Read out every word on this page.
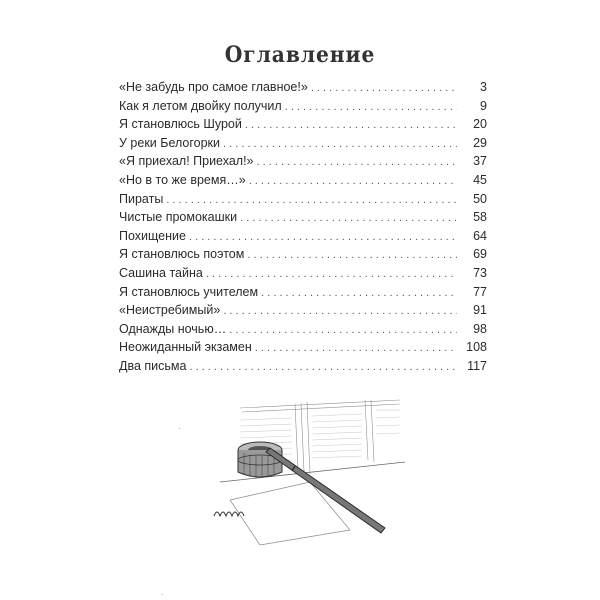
Оглавление
«Не забудь про самое главное!» . . .	3
Как я летом двойку получил . . .	9
Я становлюсь Шурой . . .	20
У реки Белогорки . . .	29
«Я приехал! Приехал!» . . .	37
«Но в то же время…» . . .	45
Пираты . . .	50
Чистые промокашки . . .	58
Похищение . . .	64
Я становлюсь поэтом . . .	69
Сашина тайна . . .	73
Я становлюсь учителем . . .	77
«Неистребимый» . . .	91
Однажды ночью… . . .	98
Неожиданный экзамен . . .	108
Два письма . . .	117
·
·
